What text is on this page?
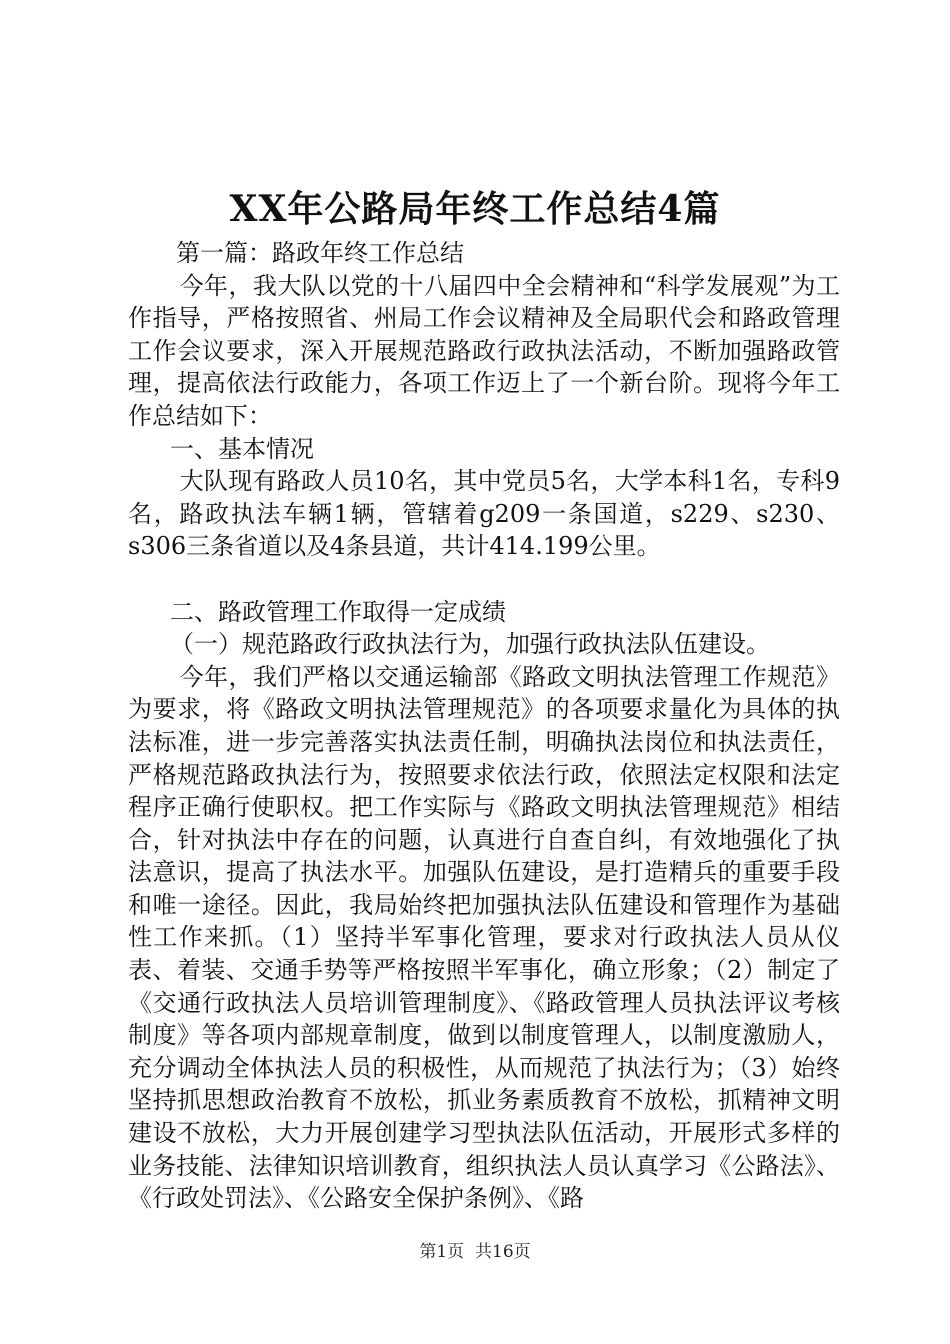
XX年公路局年终工作总结4篇

第一篇：路政年终工作总结

今年，我大队以党的十八届四中全会精神和“科学发展观”为工作指导，严格按照省、州局工作会议精神及全局职代会和路政管理工作会议要求，深入开展规范路政行政执法活动，不断加强路政管理，提高依法行政能力，各项工作迈上了一个新台阶。现将今年工作总结如下：

一、基本情况

大队现有路政人员10名，其中党员5名，大学本科1名，专科9名，路政执法车辆1辆，管辖着g209一条国道，s229、s230、s306三条省道以及4条县道，共计414.199公里。

二、路政管理工作取得一定成绩

（一）规范路政行政执法行为，加强行政执法队伍建设。

今年，我们严格以交通运输部《路政文明执法管理工作规范》为要求，将《路政文明执法管理规范》的各项要求量化为具体的执法标准，进一步完善落实执法责任制，明确执法岗位和执法责任，严格规范路政执法行为，按照要求依法行政，依照法定权限和法定程序正确行使职权。把工作实际与《路政文明执法管理规范》相结合，针对执法中存在的问题，认真进行自查自纠，有效地强化了执法意识，提高了执法水平。加强队伍建设，是打造精兵的重要手段和唯一途径。因此，我局始终把加强执法队伍建设和管理作为基础性工作来抓。（1）坚持半军事化管理，要求对行政执法人员从仪表、着装、交通手势等严格按照半军事化，确立形象；（2）制定了《交通行政执法人员培训管理制度》、《路政管理人员执法评议考核制度》等各项内部规章制度，做到以制度管理人，以制度激励人，充分调动全体执法人员的积极性，从而规范了执法行为；（3）始终坚持抓思想政治教育不放松，抓业务素质教育不放松，抓精神文明建设不放松，大力开展创建学习型执法队伍活动，开展形式多样的业务技能、法律知识培训教育，组织执法人员认真学习《公路法》、《行政处罚法》、《公路安全保护条例》、《路

第1页 共16页
